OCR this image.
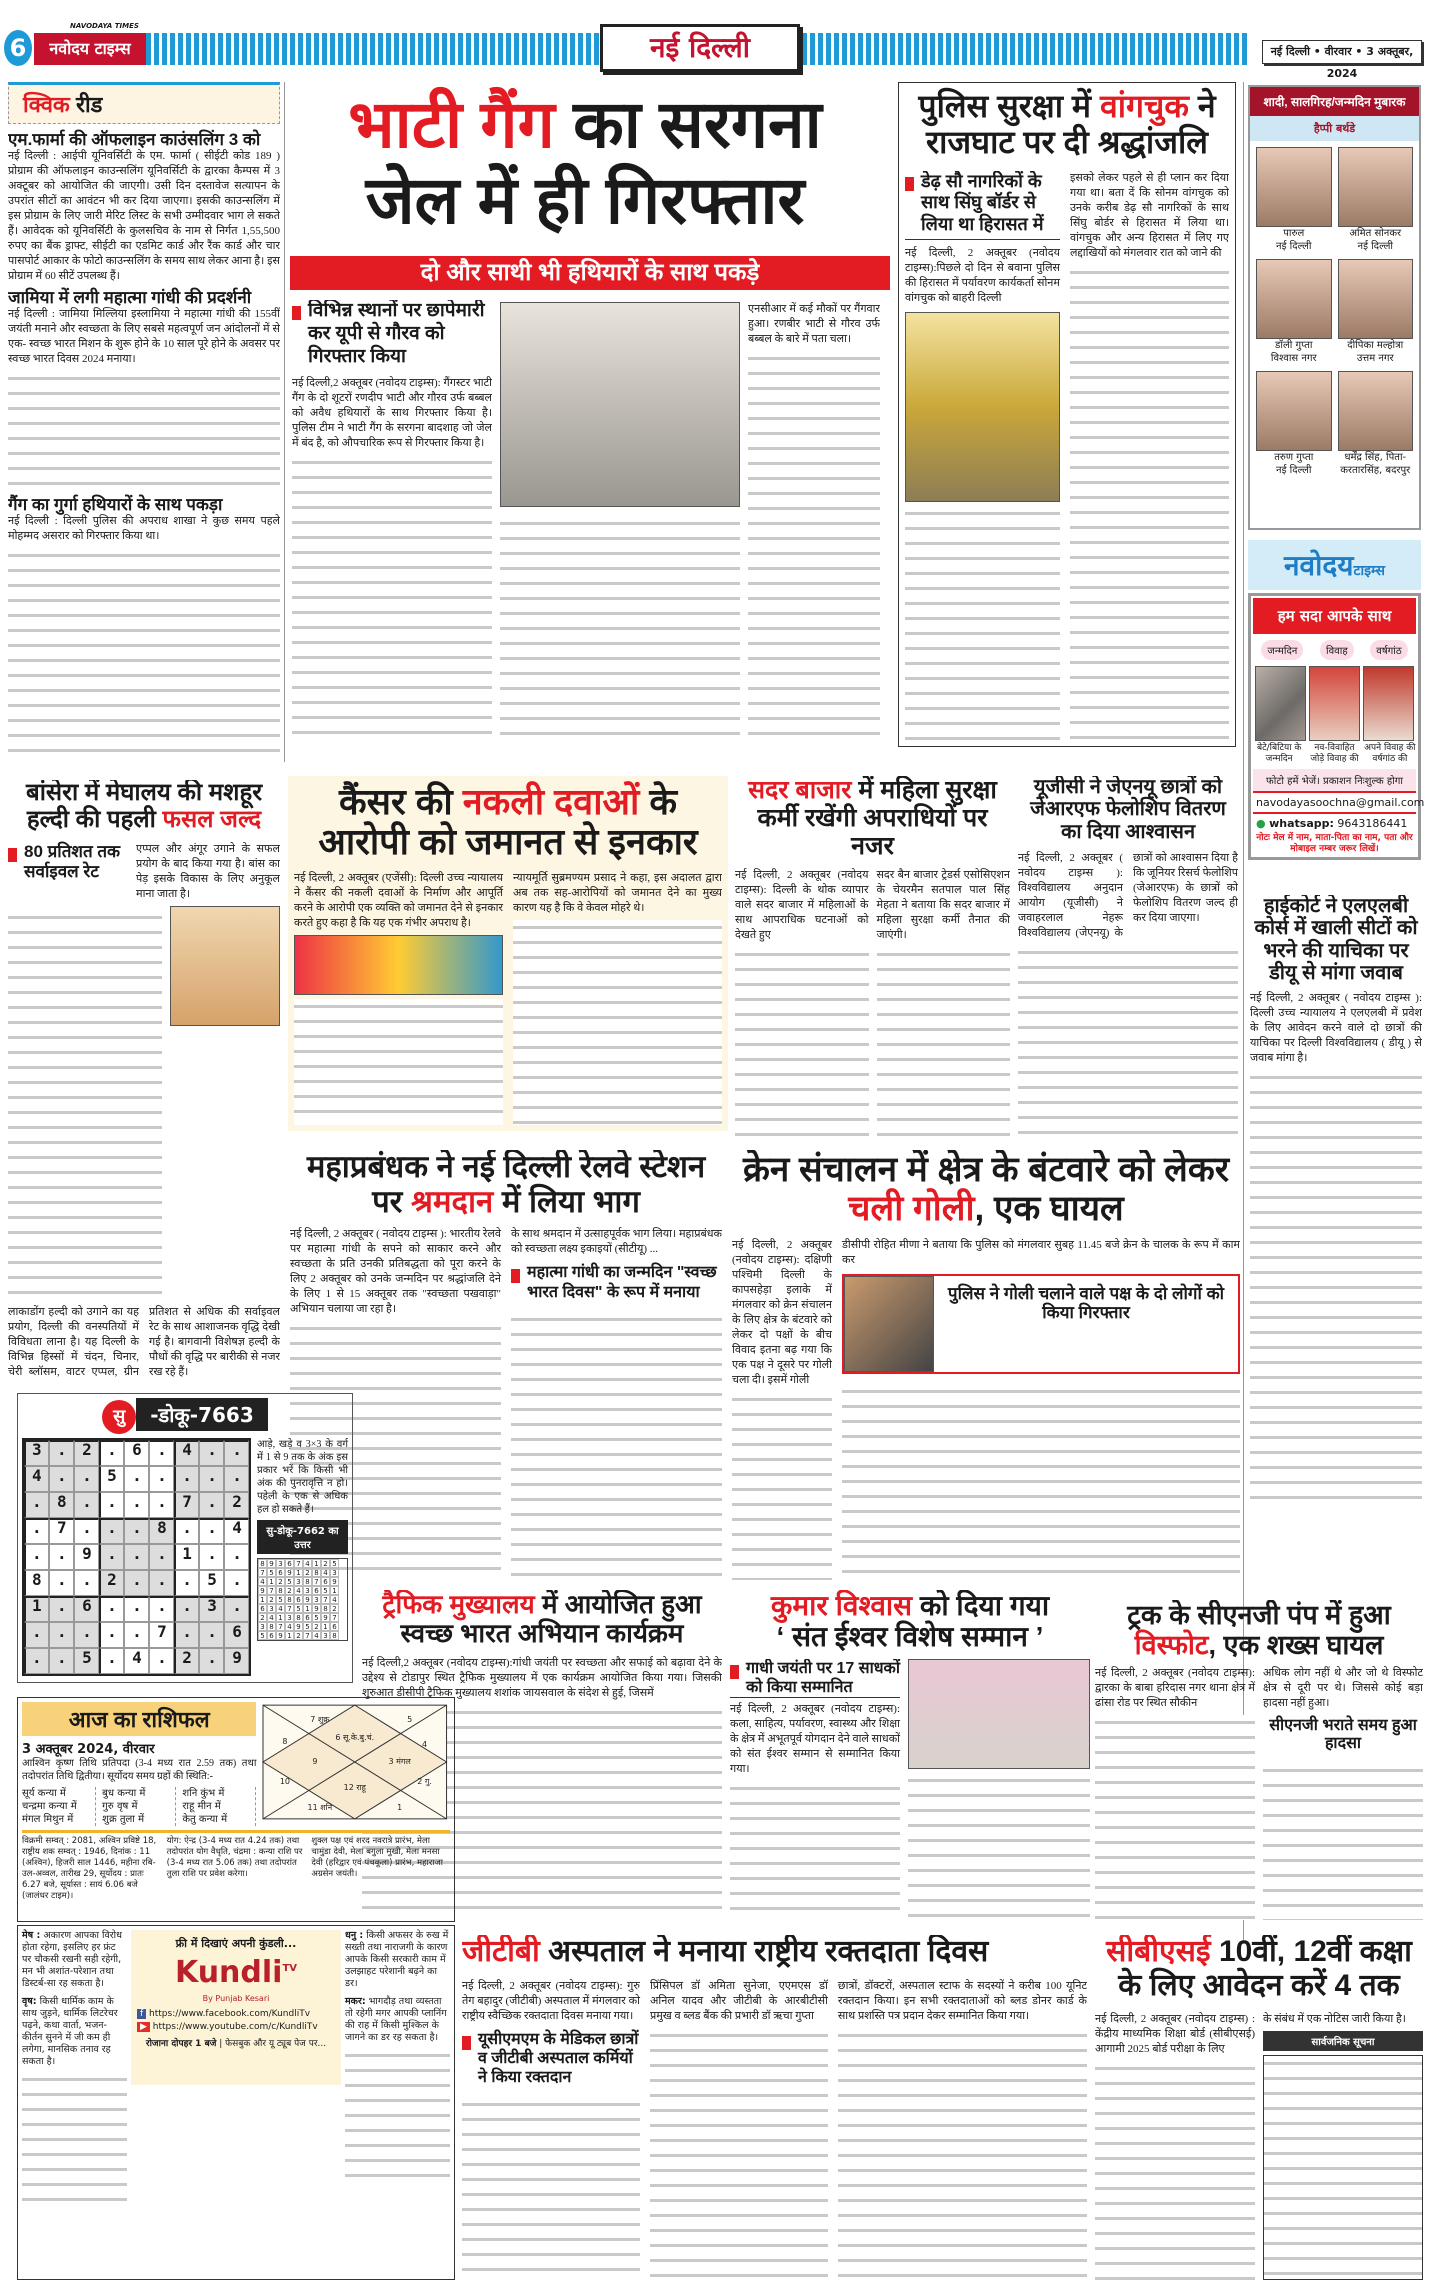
6
NAVODAYA TIMES
नवोदय टाइम्स	नई दिल्ली	नई दिल्ली • वीरवार • 3 अक्तूबर, 2024
क्विक रीड
एम.फार्मा की ऑफलाइन काउंसलिंग 3 को
नई दिल्ली : आईपी यूनिवर्सिटी के एम. फार्मा ( सीईटी कोड 189 ) प्रोग्राम की ऑफलाइन काउन्सलिंग यूनिवर्सिटी के द्वारका कैम्पस में 3 अक्टूबर को आयोजित की जाएगी। उसी दिन दस्तावेज सत्यापन के उपरांत सीटों का आवंटन भी कर दिया जाएगा। इसकी काउन्सलिंग में इस प्रोग्राम के लिए जारी मेरिट लिस्ट के सभी उम्मीदवार भाग ले सकते हैं। आवेदक को यूनिवर्सिटी के कुलसचिव के नाम से निर्गत 1,55,500 रुपए का बैंक ड्राफ्ट, सीईटी का एडमिट कार्ड और रैंक कार्ड और चार पासपोर्ट आकार के फोटो काउन्सलिंग के समय साथ लेकर आना है। इस प्रोग्राम में 60 सीटें उपलब्ध हैं।
जामिया में लगी महात्मा गांधी की प्रदर्शनी
नई दिल्ली : जामिया मिल्लिया इस्लामिया ने महात्मा गांधी की 155वीं जयंती मनाने और स्वच्छता के लिए सबसे महत्वपूर्ण जन आंदोलनों में से एक- स्वच्छ भारत मिशन के शुरू होने के 10 साल पूरे होने के अवसर पर स्वच्छ भारत दिवस 2024 मनाया।
गैंग का गुर्गा हथियारों के साथ पकड़ा
नई दिल्ली : दिल्ली पुलिस की अपराध शाखा ने कुछ समय पहले मोहम्मद असरार को गिरफ्तार किया था।
भाटी गैंग का सरगना
जेल में ही गिरफ्तार
दो और साथी भी हथियारों के साथ पकड़े
विभिन्न स्थानों पर छापेमारी कर यूपी से गौरव को गिरफ्तार किया
नई दिल्ली,2 अक्तूबर (नवोदय टाइम्स): गैंगस्टर भाटी गैंग के दो शूटरों रणदीप भाटी और गौरव उर्फ बब्बल को अवैध हथियारों के साथ गिरफ्तार किया है। पुलिस टीम ने भाटी गैंग के सरगना बादशाह जो जेल में बंद है, को औपचारिक रूप से गिरफ्तार किया है।
एनसीआर में कई मौकों पर गैंगवार हुआ। रणबीर भाटी से गौरव उर्फ बब्बल के बारे में पता चला।
पुलिस सुरक्षा में वांगचुक ने
राजघाट पर दी श्रद्धांजलि
डेढ़ सौ नागरिकों के साथ सिंघु बॉर्डर से लिया था हिरासत में
नई दिल्ली, 2 अक्तूबर (नवोदय टाइम्स):पिछले दो दिन से बवाना पुलिस की हिरासत में पर्यावरण कार्यकर्ता सोनम वांगचुक को बाहरी दिल्ली
इसको लेकर पहले से ही प्लान कर दिया गया था। बता दें कि सोनम वांगचुक को उनके करीब डेढ़ सौ नागरिकों के साथ सिंघु बोर्डर से हिरासत में लिया था। वांगचुक और अन्य हिरासत में लिए गए लद्दाखियों को मंगलवार रात को जाने की
शादी, सालगिरह/जन्मदिन मुबारक
हैप्पी बर्थडे
पारुल
नई दिल्ली
अमित सोनकर
नई दिल्ली
डॉली गुप्ता
विश्वास नगर
दीपिका मल्होत्रा
उत्तम नगर
तरुण गुप्ता
नई दिल्ली
धर्मेंद्र सिंह, पिता-
करतारसिंह, बदरपुर
नवोदयटाइम्स
हम सदा आपके साथ
जन्मदिन	विवाह	वर्षगांठ
बेटे/बिटिया के जन्मदिन
नव-विवाहित जोड़े विवाह की
अपने विवाह की वर्षगांठ की
फोटो हमें भेजें। प्रकाशन निःशुल्क होगा
navodayasoochna@gmail.com
● whatsapp: 9643186441
नोटः मेल में नाम, माता-पिता का नाम, पता और मोबाइल नम्बर जरूर लिखें।
हाईकोर्ट ने एलएलबी कोर्स में खाली सीटों को भरने की याचिका पर डीयू से मांगा जवाब
नई दिल्ली, 2 अक्तूबर ( नवोदय टाइम्स ): दिल्ली उच्च न्यायालय ने एलएलबी में प्रवेश के लिए आवेदन करने वाले दो छात्रों की याचिका पर दिल्ली विश्वविद्यालय ( डीयू ) से जवाब मांगा है।
बांसेरा में मेघालय की मशहूर हल्दी की पहली फसल जल्द
80 प्रतिशत तक सर्वाइवल रेट
एप्पल और अंगूर उगाने के सफल प्रयोग के बाद किया गया है। बांस का पेड़ इसके विकास के लिए अनुकूल माना जाता है।
लाकाडोंग हल्दी को उगाने का यह प्रयोग, दिल्ली की वनस्पतियों में विविधता लाना है। यह दिल्ली के विभिन्न हिस्सों में चंदन, चिनार, चेरी ब्लॉसम, वाटर एप्पल, ग्रीन प्रतिशत से अधिक की सर्वाइवल रेट के साथ आशाजनक वृद्धि देखी गई है। बागवानी विशेषज्ञ हल्दी के पौधों की वृद्धि पर बारीकी से नजर रख रहे हैं।
कैंसर की नकली दवाओं के
आरोपी को जमानत से इनकार
नई दिल्ली, 2 अक्तूबर (एजेंसी): दिल्ली उच्च न्यायालय ने कैंसर की नकली दवाओं के निर्माण और आपूर्ति करने के आरोपी एक व्यक्ति को जमानत देने से इनकार करते हुए कहा है कि यह एक गंभीर अपराध है।
न्यायमूर्ति सुब्रमण्यम प्रसाद ने कहा, इस अदालत द्वारा अब तक सह-आरोपियों को जमानत देने का मुख्य कारण यह है कि वे केवल मोहरे थे।
सदर बाजार में महिला सुरक्षा कर्मी रखेंगी अपराधियों पर नजर
नई दिल्ली, 2 अक्तूबर (नवोदय टाइम्स): दिल्ली के थोक व्यापार वाले सदर बाजार में महिलाओं के साथ आपराधिक घटनाओं को देखते हुए
सदर बैन बाजार ट्रेडर्स एसोसिएशन के चेयरमैन सतपाल पाल सिंह मेहता ने बताया कि सदर बाजार में महिला सुरक्षा कर्मी तैनात की जाएंगी।
यूजीसी ने जेएनयू छात्रों को जेआरएफ फेलोशिप वितरण का दिया आश्वासन
नई दिल्ली, 2 अक्तूबर ( नवोदय टाइम्स ): विश्वविद्यालय अनुदान आयोग (यूजीसी) ने जवाहरलाल नेहरू विश्वविद्यालय (जेएनयू) के छात्रों को आश्वासन दिया है कि जूनियर रिसर्च फेलोशिप (जेआरएफ) के छात्रों को फेलोशिप वितरण जल्द ही कर दिया जाएगा।
महाप्रबंधक ने नई दिल्ली रेलवे स्टेशन पर श्रमदान में लिया भाग
नई दिल्ली, 2 अक्तूबर ( नवोदय टाइम्स ): भारतीय रेलवे पर महात्मा गांधी के सपने को साकार करने और स्वच्छता के प्रति उनकी प्रतिबद्धता को पूरा करने के लिए 2 अक्तूबर को उनके जन्मदिन पर श्रद्धांजलि देने के लिए 1 से 15 अक्तूबर तक "स्वच्छता पखवाड़ा" अभियान चलाया जा रहा है।
के साथ श्रमदान में उत्साहपूर्वक भाग लिया। महाप्रबंधक को स्वच्छता लक्ष्य इकाइयों (सीटीयू) ...
महात्मा गांधी का जन्मदिन "स्वच्छ भारत दिवस" के रूप में मनाया
क्रेन संचालन में क्षेत्र के बंटवारे को लेकर चली गोली, एक घायल
नई दिल्ली, 2 अक्तूबर (नवोदय टाइम्स): दक्षिणी पश्चिमी दिल्ली के कापसहेड़ा इलाके में मंगलवार को क्रेन संचालन के लिए क्षेत्र के बंटवारे को लेकर दो पक्षों के बीच विवाद इतना बढ़ गया कि एक पक्ष ने दूसरे पर गोली चला दी। इसमें गोली
डीसीपी रोहित मीणा ने बताया कि पुलिस को मंगलवार सुबह 11.45 बजे क्रेन के चालक के रूप में काम कर
पुलिस ने गोली चलाने वाले पक्ष के दो लोगों को किया गिरफ्तार
सु -डोकू-7663
3.2.6.4..
4..5.....
.8....7.2
.7...8..4
..9...1..
8..2...5.
1.6....3.
.....7..6
..5.4.2.9
आड़े, खड़े व 3×3 के वर्ग में 1 से 9 तक के अंक इस प्रकार भरें कि किसी भी अंक की पुनरावृत्ति न हो। पहेली के एक से अधिक हल हो सकते हैं।
सु-डोकू-7662 का उत्तर
8 9 3 6 7 4 1 2 5
7 5 6 9 1 2 8 4 3
4 1 2 5 3 8 7 6 9
9 7 8 2 4 3 6 5 1
1 2 5 8 6 9 3 7 4
6 3 4 7 5 1 9 8 2
2 4 1 3 8 6 5 9 7
3 8 7 4 9 5 2 1 6
5 6 9 1 2 7 4 3 8
ट्रैफिक मुख्यालय में आयोजित हुआ स्वच्छ भारत अभियान कार्यक्रम
नई दिल्ली,2 अक्तूबर (नवोदय टाइम्स):गांधी जयंती पर स्वच्छता और सफाई को बढ़ावा देने के उद्देश्य से टोडापुर स्थित ट्रैफिक मुख्यालय में एक कार्यक्रम आयोजित किया गया। जिसकी शुरुआत डीसीपी ट्रैफिक मुख्यालय शशांक जायसवाल के संदेश से हुई, जिसमें
कुमार विश्वास को दिया गया
‘ संत ईश्वर विशेष सम्मान ’
गाधी जयंती पर 17 साधकों को किया सम्मानित
नई दिल्ली, 2 अक्तूबर (नवोदय टाइम्स): कला, साहित्य, पर्यावरण, स्वास्थ्य और शिक्षा के क्षेत्र में अभूतपूर्व योगदान देने वाले साधकों को संत ईश्वर सम्मान से सम्मानित किया गया।
ट्रक के सीएनजी पंप में हुआ विस्फोट, एक शख्स घायल
नई दिल्ली, 2 अक्तूबर (नवोदय टाइम्स): द्वारका के बाबा हरिदास नगर थाना क्षेत्र में ढांसा रोड पर स्थित सौकीन
अधिक लोग नहीं थे और जो थे विस्फोट क्षेत्र से दूरी पर थे। जिससे कोई बड़ा हादसा नहीं हुआ।
सीएनजी भराते समय हुआ हादसा
आज का राशिफल
3 अक्तूबर 2024, वीरवार
आश्विन कृष्ण तिथि प्रतिपदा (3-4 मध्य रात 2.59 तक) तथा तदोपरांत तिथि द्वितीया। सूर्योदय समय ग्रहों की स्थिति:-
सूर्य कन्या में
चन्द्रमा कन्या में
मंगल मिथुन में
बुध कन्या में
गुरु वृष में
शुक्र तुला में
शनि कुंभ में
राहू मीन में
केतु कन्या में
7 शुक्र	5
6 सू.के.बु.चं.
8	4
9	3 मंगल
10	2 गु.
12 राहू
11 शनि	1
विक्रमी सम्वत् : 2081, अश्विन प्रविष्टे 18, राष्ट्रीय शक सम्वत् : 1946, दिनांक : 11 (अश्विन), हिजरी साल 1446, महीना रबि-उल-अव्वल, तारीख 29, सूर्योदय : प्रातः 6.27 बजे, सूर्यास्त : सायं 6.06 बजे (जालंधर टाइम)।
योग: ऐन्द्र (3-4 मध्य रात 4.24 तक) तथा तदोपरांत योग वैधृति, चंद्रमा : कन्या राशि पर (3-4 मध्य रात 5.06 तक) तथा तदोपरांत तुला राशि पर प्रवेश करेगा।
शुक्ल पक्ष एवं शरद नवरात्रे प्रारंभ, मेला चामुंडा देवी, मेला बगुला मुखी, मेला मनसा देवी (हरिद्वार एवं पंचकूला) प्रारंभ, महाराजा अग्रसेन जयंती।

मेष : अकारण आपका विरोध होता रहेगा, इसलिए हर फ्रंट पर चौकसी रखनी सही रहेगी, मन भी अशांत-परेशान तथा डिस्टर्ब-सा रह सकता है।

वृष: किसी धार्मिक काम के साथ जुड़ने, धार्मिक लिटरेचर पढ़ने, कथा वार्ता, भजन-कीर्तन सुनने में जी कम ही लगेगा, मानसिक तनाव रह सकता है।

फ्री में दिखाएं अपनी कुंडली...
Kundli$^{TV}$
By Punjab Kesari
f https://www.facebook.com/KundliTv
▶ https://www.youtube.com/c/KundliTv
रोजाना दोपहर 1 बजे | फेसबुक और यू ट्यूब पेज पर...

धनु : किसी अफसर के रुख में सख्ती तथा नाराजगी के कारण आपके किसी सरकारी काम में उलझाहट परेशानी बढ़ने का डर।

मकर: भागदौड़ तथा व्यस्तता तो रहेगी मगर आपकी प्लानिंग की राह में किसी मुश्किल के जागने का डर रह सकता है।

जीटीबी अस्पताल ने मनाया राष्ट्रीय रक्तदाता दिवस
नई दिल्ली, 2 अक्तूबर (नवोदय टाइम्स): गुरु तेग बहादुर (जीटीबी) अस्पताल में मंगलवार को राष्ट्रीय स्वैच्छिक रक्तदाता दिवस मनाया गया।
यूसीएमएम के मेडिकल छात्रों व जीटीबी अस्पताल कर्मियों ने किया रक्तदान
प्रिंसिपल डॉ अमिता सुनेजा, एएमएस डॉ अनिल यादव और जीटीबी के आरबीटीसी प्रमुख व ब्लड बैंक की प्रभारी डॉ ऋचा गुप्ता
छात्रों, डॉक्टरों, अस्पताल स्टाफ के सदस्यों ने करीब 100 यूनिट रक्तदान किया। इन सभी रक्तदाताओं को ब्लड डोनर कार्ड के साथ प्रशस्ति पत्र प्रदान देकर सम्मानित किया गया।
सीबीएसई 10वीं, 12वीं कक्षा के लिए आवेदन करें 4 तक
नई दिल्ली, 2 अक्तूबर (नवोदय टाइम्स) : केंद्रीय माध्यमिक शिक्षा बोर्ड (सीबीएसई) आगामी 2025 बोर्ड परीक्षा के लिए
के संबंध में एक नोटिस जारी किया है।
सार्वजनिक सूचना
